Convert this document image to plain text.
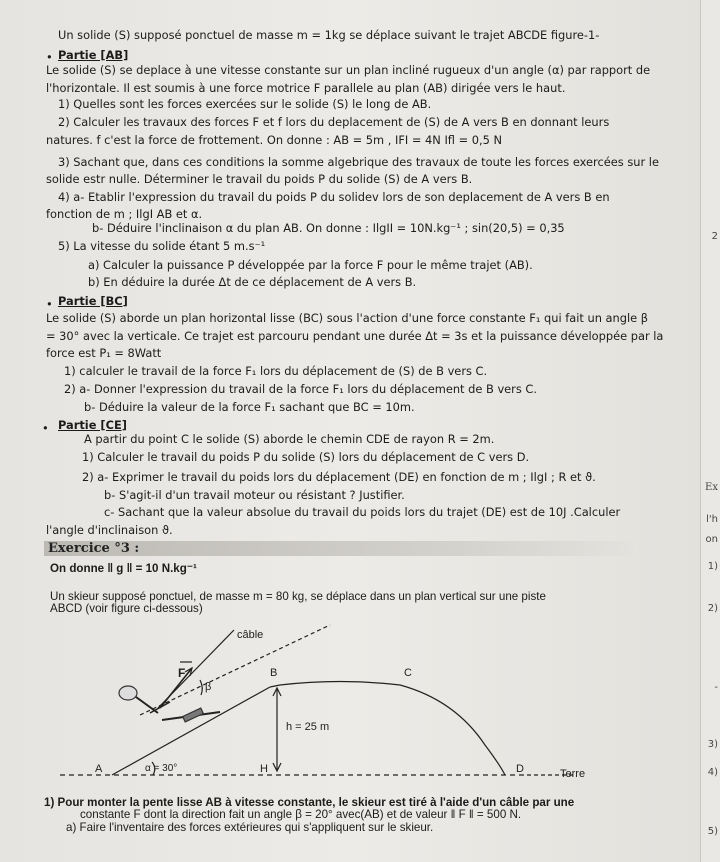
Un solide (S) supposé ponctuel de masse m = 1kg se déplace suivant le trajet ABCDE figure-1-
Partie [AB]
Le solide (S) se deplace à une vitesse constante sur un plan incliné rugueux d'un angle (α) par rapport de
l'horizontale. Il est soumis à une force motrice F parallele au plan (AB) dirigée vers le haut.
1) Quelles sont les forces exercées sur le solide (S) le long de AB.
2) Calculer les travaux des forces F et f lors du deplacement de (S) de A vers B en donnant leurs
natures. f c'est la force de frottement. On donne : AB = 5m , IFI = 4N Ifl = 0,5 N
3) Sachant que, dans ces conditions la somme algebrique des travaux de toute les forces exercées sur le
solide estr nulle. Déterminer le travail du poids P du solide (S) de A vers B.
4) a- Etablir l'expression du travail du poids P du solidev lors de son deplacement de A vers B en
fonction de m ; IlgI AB et α.
b- Déduire l'inclinaison α du plan AB. On donne : IlgII = 10N.kg⁻¹ ; sin(20,5) = 0,35
5) La vitesse du solide étant 5 m.s⁻¹
a) Calculer la puissance P développée par la force F pour le même trajet (AB).
b) En déduire la durée Δt de ce déplacement de A vers B.
Partie [BC]
Le solide (S) aborde un plan horizontal lisse (BC) sous l'action d'une force constante F₁ qui fait un angle β
= 30° avec la verticale. Ce trajet est parcouru pendant une durée Δt = 3s et la puissance développée par la
force est P₁ = 8Watt
1) calculer le travail de la force F₁ lors du déplacement de (S) de B vers C.
2) a- Donner l'expression du travail de la force F₁ lors du déplacement de B vers C.
b- Déduire la valeur de la force F₁ sachant que BC = 10m.
Partie [CE]
A partir du point C le solide (S) aborde le chemin CDE de rayon R = 2m.
1) Calculer le travail du poids P du solide (S) lors du déplacement de C vers D.
2) a- Exprimer le travail du poids lors du déplacement (DE) en fonction de m ; IlgI ; R et ϑ.
b- S'agit-il d'un travail moteur ou résistant ? Justifier.
c- Sachant que la valeur absolue du travail du poids lors du trajet (DE) est de 10J .Calculer
l'angle d'inclinaison ϑ.
•
•
•
Exercice °3 :
On donne ‖ g ‖ = 10 N.kg⁻¹
Un skieur supposé ponctuel, de masse m = 80 kg, se déplace dans un plan vertical sur une piste
ABCD (voir figure ci-dessous)
câble
F
β
B	C
h = 25 m
A	α = 30°	H	D	Terre
1) Pour monter la pente lisse AB à vitesse constante, le skieur est tiré à l'aide d'un câble par une
constante F dont la direction fait un angle β = 20° avec(AB) et de valeur ‖ F ‖ = 500 N.
a) Faire l'inventaire des forces extérieures qui s'appliquent sur le skieur.
2
Ex
l'h
on
1)
2)
-
3)
4)
5)
